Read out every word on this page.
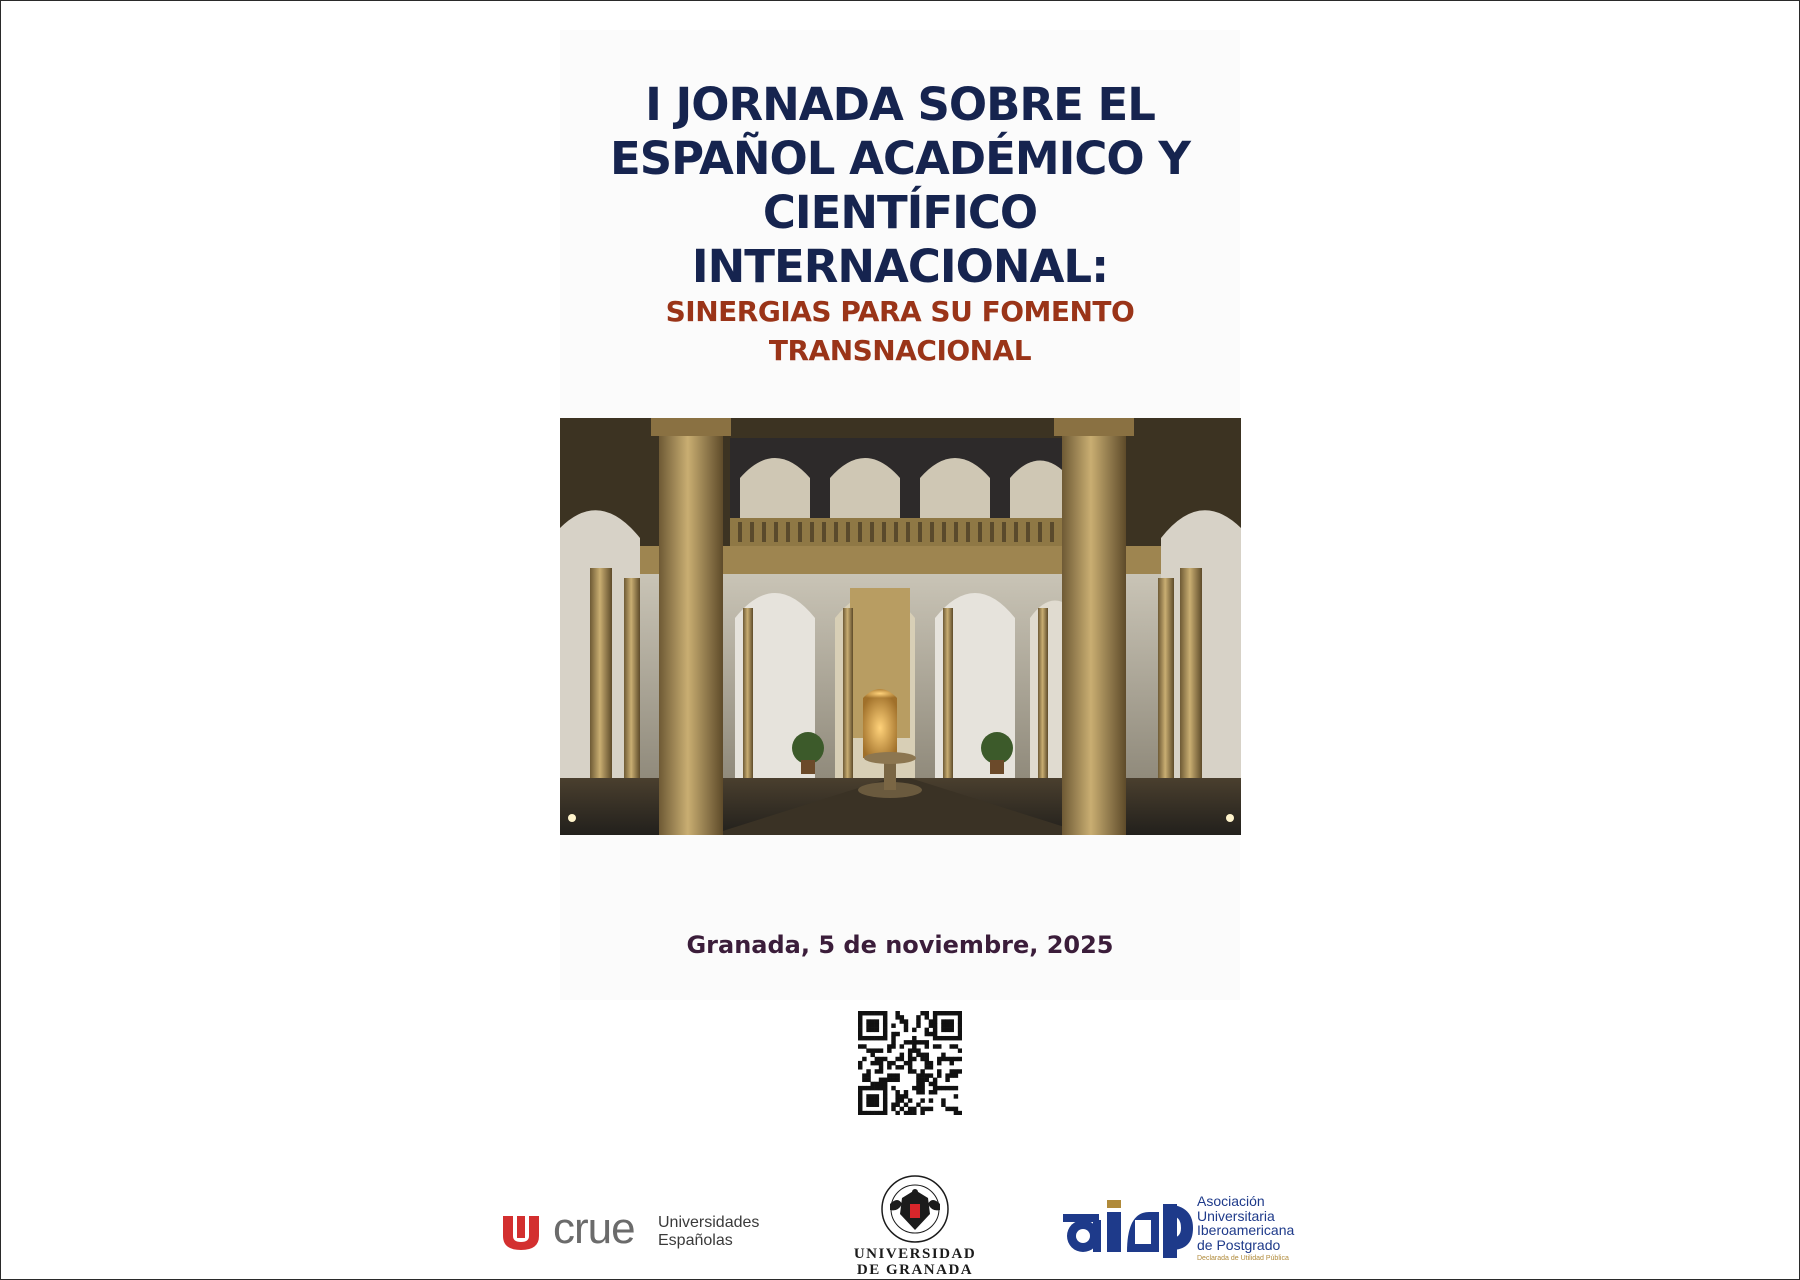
I JORNADA SOBRE EL
ESPAÑOL ACADÉMICO Y
CIENTÍFICO
INTERNACIONAL:
SINERGIAS PARA SU FOMENTO
TRANSNACIONAL
Granada, 5 de noviembre, 2025
crue Universidades
Españolas
UNIVERSIDAD
DE GRANADA
Asociación
Universitaria
Iberoamericana
de Postgrado
Declarada de Utilidad Pública
